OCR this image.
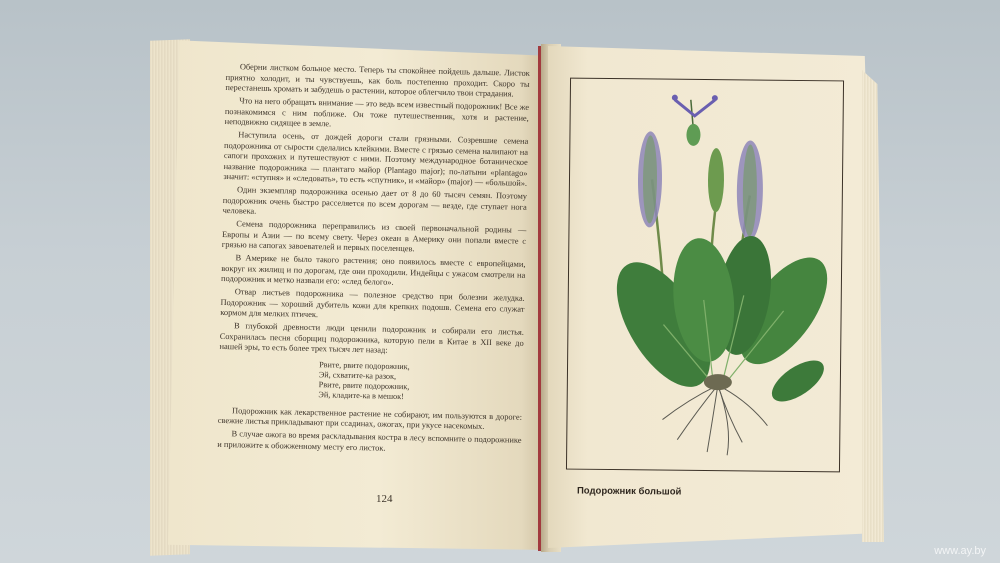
Оберни листком больное место. Теперь ты спокойнее пойдешь дальше. Листок приятно холодит, и ты чувствуешь, как боль постепенно проходит. Скоро ты перестанешь хромать и забудешь о растении, которое облегчило твои страдания.

Что на него обращать внимание — это ведь всем известный подорожник! Все же познакомимся с ним поближе. Он тоже путешественник, хотя и растение, неподвижно сидящее в земле.

Наступила осень, от дождей дороги стали грязными. Созревшие семена подорожника от сырости сделались клейкими. Вместе с грязью семена налипают на сапоги прохожих и путешествуют с ними. Поэтому международное ботаническое название подорожника — плантаго майор (Plantago major); по-латыни «plantago» значит: «ступня» и «следовать», то есть «спутник», и «майор» (major) — «большой».

Один экземпляр подорожника осенью дает от 8 до 60 тысяч семян. Поэтому подорожник очень быстро расселяется по всем дорогам — везде, где ступает нога человека.

Семена подорожника переправились из своей первоначальной родины — Европы и Азии — по всему свету. Через океан в Америку они попали вместе с грязью на сапогах завоевателей и первых поселенцев.

В Америке не было такого растения; оно появилось вместе с европейцами, вокруг их жилищ и по дорогам, где они проходили. Индейцы с ужасом смотрели на подорожник и метко назвали его: «след белого».

Отвар листьев подорожника — полезное средство при болезни желудка. Подорожник — хороший дубитель кожи для крепких подошв. Семена его служат кормом для мелких птичек.

В глубокой древности люди ценили подорожник и собирали его листья. Сохранилась песня сборщиц подорожника, которую пели в Китае в XII веке до нашей эры, то есть более трех тысяч лет назад:

Рвите, рвите подорожник,
Эй, схватите-ка разок,
Рвите, рвите подорожник,
Эй, кладите-ка в мешок!

Подорожник как лекарственное растение не собирают, им пользуются в дороге: свежие листья прикладывают при ссадинах, ожогах, при укусе насекомых.

В случае ожога во время раскладывания костра в лесу вспомните о подорожнике и приложите к обожженному месту его листок.

124
Подорожник большой
www.ay.by
